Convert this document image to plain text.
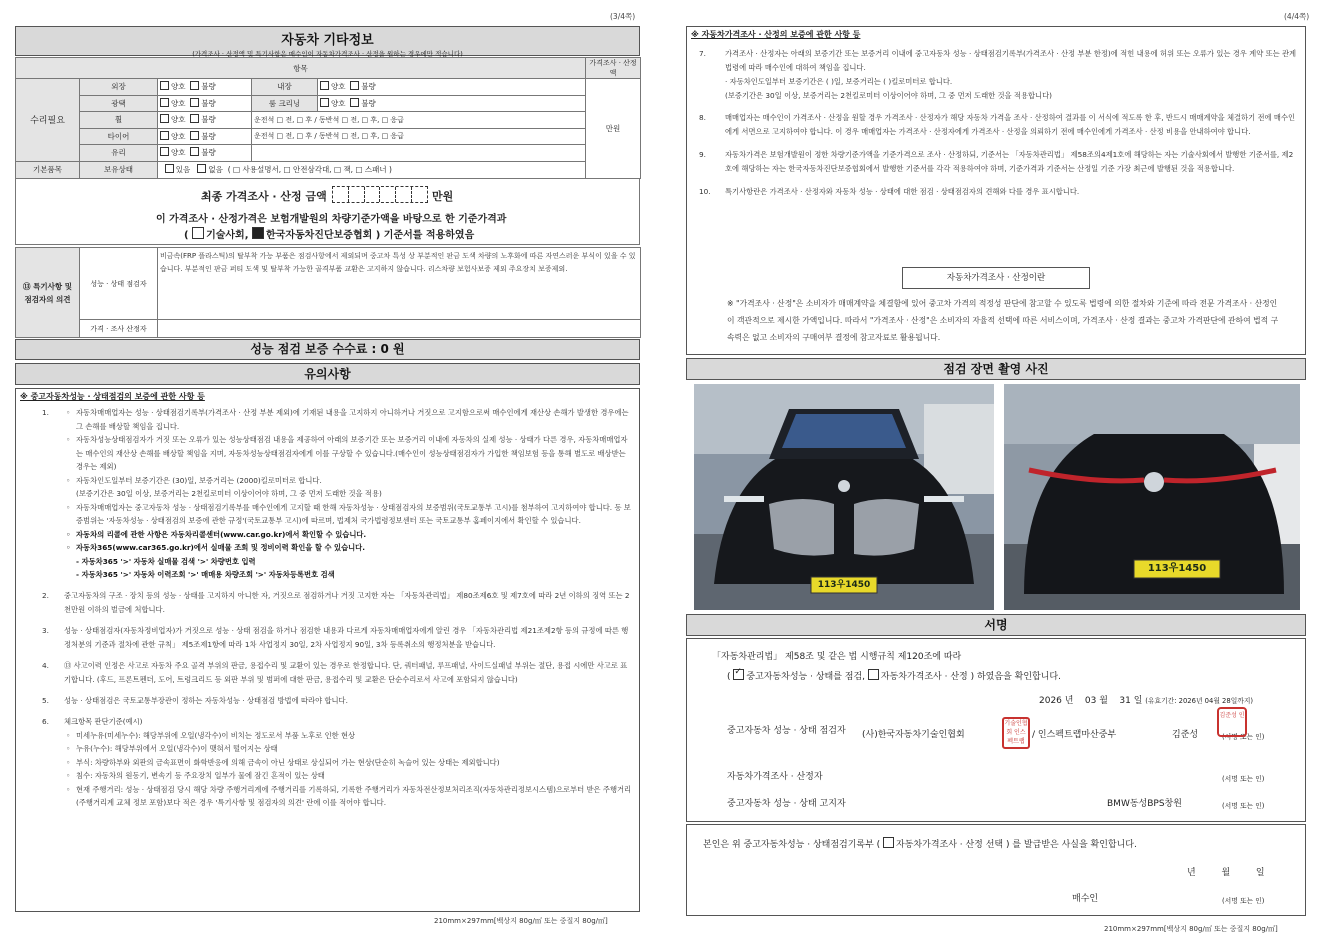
(3/4쪽)
자동차 기타정보
(가격조사 · 산정액 및 특기사항은 매수인이 자동차가격조사 · 산정을 원하는 경우에만 적습니다)
항목					가격조사 · 산정액
수리필요	외장	양호 불량	내장	양호 불량	만원
	광택	양호 불량	룸 크리닝	양호 불량	
	휠	양호 불량	운전석 □ 전, □ 후 / 동반석 □ 전, □ 후, □ 응급		
	타이어	양호 불량	운전석 □ 전, □ 후 / 동반석 □ 전, □ 후, □ 응급		
	유리	양호 불량			
기본품목	보유상태	있음 없음 ( □ 사용설명서, □ 안전삼각대, □ 잭, □ 스패너 )			
최종 가격조사 · 산정 금액	만원
이 가격조사 · 산정가격은 보험개발원의 차량기준가액을 바탕으로 한 기준가격과
( 기술사회, 한국자동차진단보증협회 ) 기준서를 적용하였음
⑬ 특기사항 및
점검자의 의견	성능 · 상태 점검자	비금속(FRP 플라스틱)의 탈부착 가능 부품은 점검사항에서 제외되며 중고차 특성 상 부분적인 판금 도색 차량의 노후화에 따른 자연스러운 부식이 있을 수 있습니다. 부분적인 판금 퍼티 도색 및 탈부착 가능한 골격부품 교환은 고지하지 않습니다. 리스차량 보험사보증 제외 주요장치 보증제외.
	가격 · 조사 산정자	
성능 점검 보증 수수료 : 0 원
유의사항
※ 중고자동차성능 · 상태점검의 보증에 관한 사항 등
1.	◦ 자동차매매업자는 성능 · 상태점검기록부(가격조사 · 산정 부분 제외)에 기재된 내용을 고지하지 아니하거나 거짓으로 고지함으로써 매수인에게 재산상 손해가 발생한 경우에는 그 손해를 배상할 책임을 집니다.
◦ 자동차성능상태점검자가 거짓 또는 오류가 있는 성능상태점검 내용을 제공하여 아래의 보증기간 또는 보증거리 이내에 자동차의 실제 성능 · 상태가 다른 경우, 자동차매매업자는 매수인의 재산상 손해를 배상할 책임을 지며, 자동차성능상태점검자에게 이를 구상할 수 있습니다.(매수인이 성능상태점검자가 가입한 책임보험 등을 통해 별도로 배상받는 경우는 제외)
◦ 자동차인도일부터 보증기간은 (30)일, 보증거리는 (2000)킬로미터로 합니다.
(보증기간은 30일 이상, 보증거리는 2천킬로미터 이상이어야 하며, 그 중 먼저 도래한 것을 적용)
◦ 자동차매매업자는 중고자동차 성능 · 상태점검기록부를 매수인에게 고지할 때 한해 자동차성능 · 상태점검자의 보증범위(국토교통부 고시)를 첨부하여 고지하여야 합니다. 동 보증범위는 '자동차성능 · 상태점검의 보증에 관한 규정'(국토교통부 고시)에 따르며, 법제처 국가법령정보센터 또는 국토교통부 홈페이지에서 확인할 수 있습니다.
◦ 자동차의 리콜에 관한 사항은 자동차리콜센터(www.car.go.kr)에서 확인할 수 있습니다.
◦ 자동차365(www.car365.go.kr)에서 실매물 조회 및 정비이력 확인을 할 수 있습니다.
- 자동차365 '>' 자동차 실매물 검색 '>' 차량번호 입력
- 자동차365 '>' 자동차 이력조회 '>' 매매용 차량조회 '>' 자동차등록번호 검색
2. 중고자동차의 구조 · 장치 등의 성능 · 상태를 고지하지 아니한 자, 거짓으로 점검하거나 거짓 고지한 자는 「자동차관리법」 제80조제6호 및 제7호에 따라 2년 이하의 징역 또는 2천만원 이하의 벌금에 처합니다.
3. 성능 · 상태점검자(자동차정비업자)가 거짓으로 성능 · 상태 점검을 하거나 점검한 내용과 다르게 자동차매매업자에게 알린 경우 「자동차관리법 제21조제2항 등의 규정에 따른 행정처분의 기준과 절차에 관한 규칙」 제5조제1항에 따라 1차 사업정지 30일, 2차 사업정지 90일, 3차 등록취소의 행정처분을 받습니다.
4. ⑬ 사고이력 인정은 사고로 자동차 주요 골격 부위의 판금, 용접수리 및 교환이 있는 경우로 한정합니다. 단, 쿼터패널, 루프패널, 사이드실패널 부위는 절단, 용접 시에만 사고로 표기합니다. (후드, 프론트펜더, 도어, 트렁크리드 등 외판 부위 및 범퍼에 대한 판금, 용접수리 및 교환은 단순수리로서 사고에 포함되지 않습니다)
5. 성능 · 상태점검은 국토교통부장관이 정하는 자동차성능 · 상태점검 방법에 따라야 합니다.
6. 체크항목 판단기준(예시)
◦ 미세누유(미세누수): 해당부위에 오일(냉각수)이 비치는 정도로서 부품 노후로 인한 현상
◦ 누유(누수): 해당부위에서 오일(냉각수)이 맺혀서 떨어지는 상태
◦ 부식: 차량하부와 외판의 금속표면이 화학반응에 의해 금속이 아닌 상태로 상실되어 가는 현상(단순히 녹슬어 있는 상태는 제외합니다)
◦ 침수: 자동차의 원동기, 변속기 등 주요장치 일부가 물에 잠긴 흔적이 있는 상태
◦ 현재 주행거리: 성능 · 상태점검 당시 해당 차량 주행거리계에 주행거리를 기록하되, 기록한 주행거리가 자동차전산정보처리조직(자동차관리정보시스템)으로부터 받은 주행거리(주행거리계 교체 정보 포함)보다 적은 경우 '특기사항 및 점검자의 의견' 란에 이를 적어야 합니다.
210mm×297mm[백상지 80g/㎡ 또는 중질지 80g/㎡]
(4/4쪽)
※ 자동차가격조사 · 산정의 보증에 관한 사항 등
7.	가격조사 · 산정자는 아래의 보증기간 또는 보증거리 이내에 중고자동차 성능 · 상태점검기록부(가격조사 · 산정 부분 한정)에 적힌 내용에 허위 또는 오류가 있는 경우 계약 또는 관계법령에 따라 매수인에 대하여 책임을 집니다.
· 자동차인도일부터 보증기간은 ( )일, 보증거리는 ( )킬로미터로 합니다.
(보증기간은 30일 이상, 보증거리는 2천킬로미터 이상이어야 하며, 그 중 먼저 도래한 것을 적용합니다)
8.	매매업자는 매수인이 가격조사 · 산정을 원할 경우 가격조사 · 산정자가 해당 자동차 가격을 조사 · 산정하여 결과를 이 서식에 적도록 한 후, 반드시 매매계약을 체결하기 전에 매수인에게 서면으로 고지하여야 합니다. 이 경우 매매업자는 가격조사 · 산정자에게 가격조사 · 산정을 의뢰하기 전에 매수인에게 가격조사 · 산정 비용을 안내하여야 합니다.
9.	자동차가격은 보험개발원이 정한 차량기준가액을 기준가격으로 조사 · 산정하되, 기준서는 「자동차관리법」 제58조의4제1호에 해당하는 자는 기술사회에서 발행한 기준서를, 제2호에 해당하는 자는 한국자동차진단보증협회에서 발행한 기준서를 각각 적용하여야 하며, 기준가격과 기준서는 산정일 기준 가장 최근에 발행된 것을 적용합니다.
10. 특기사항란은 가격조사 · 산정자와 자동차 성능 · 상태에 대한 점검 · 상태점검자의 견해와 다를 경우 표시합니다.
자동차가격조사 · 산정이란
※ "가격조사 · 산정"은 소비자가 매매계약을 체결함에 있어 중고차 가격의 적정성 판단에 참고할 수 있도록 법령에 의한 절차와 기준에 따라 전문 가격조사 · 산정인이 객관적으로 제시한 가액입니다. 따라서 "가격조사 · 산정"은 소비자의 자율적 선택에 따른 서비스이며, 가격조사 · 산정 결과는 중고차 가격판단에 관하여 법적 구속력은 없고 소비자의 구매여부 결정에 참고자료로 활용됩니다.
점검 장면 촬영 사진
113우1450
113우1450
서명
「자동차관리법」 제58조 및 같은 법 시행규칙 제120조에 따라
( ✓중고자동차성능 · 상태를 점검, 자동차가격조사 · 산정 ) 하였음을 확인합니다.
2026 년 03 월 31 일 (유효기간: 2026년 04월 28일까지)
중고자동차 성능 · 상태 점검자	(사)한국자동차기술인협회
기술인협회 인스펙트랩
/ 인스펙트랩마산중부	김준성	(서명 또는 인)
김준성 인
자동차가격조사 · 산정자	(서명 또는 인)
중고자동차 성능 · 상태 고지자	BMW동성BPS창원	(서명 또는 인)
본인은 위 중고자동차성능 · 상태점검기록부 ( 자동차가격조사 · 산정 선택 ) 를 발급받은 사실을 확인합니다.
년	월	일
매수인	(서명 또는 인)
210mm×297mm[백상지 80g/㎡ 또는 중질지 80g/㎡]
